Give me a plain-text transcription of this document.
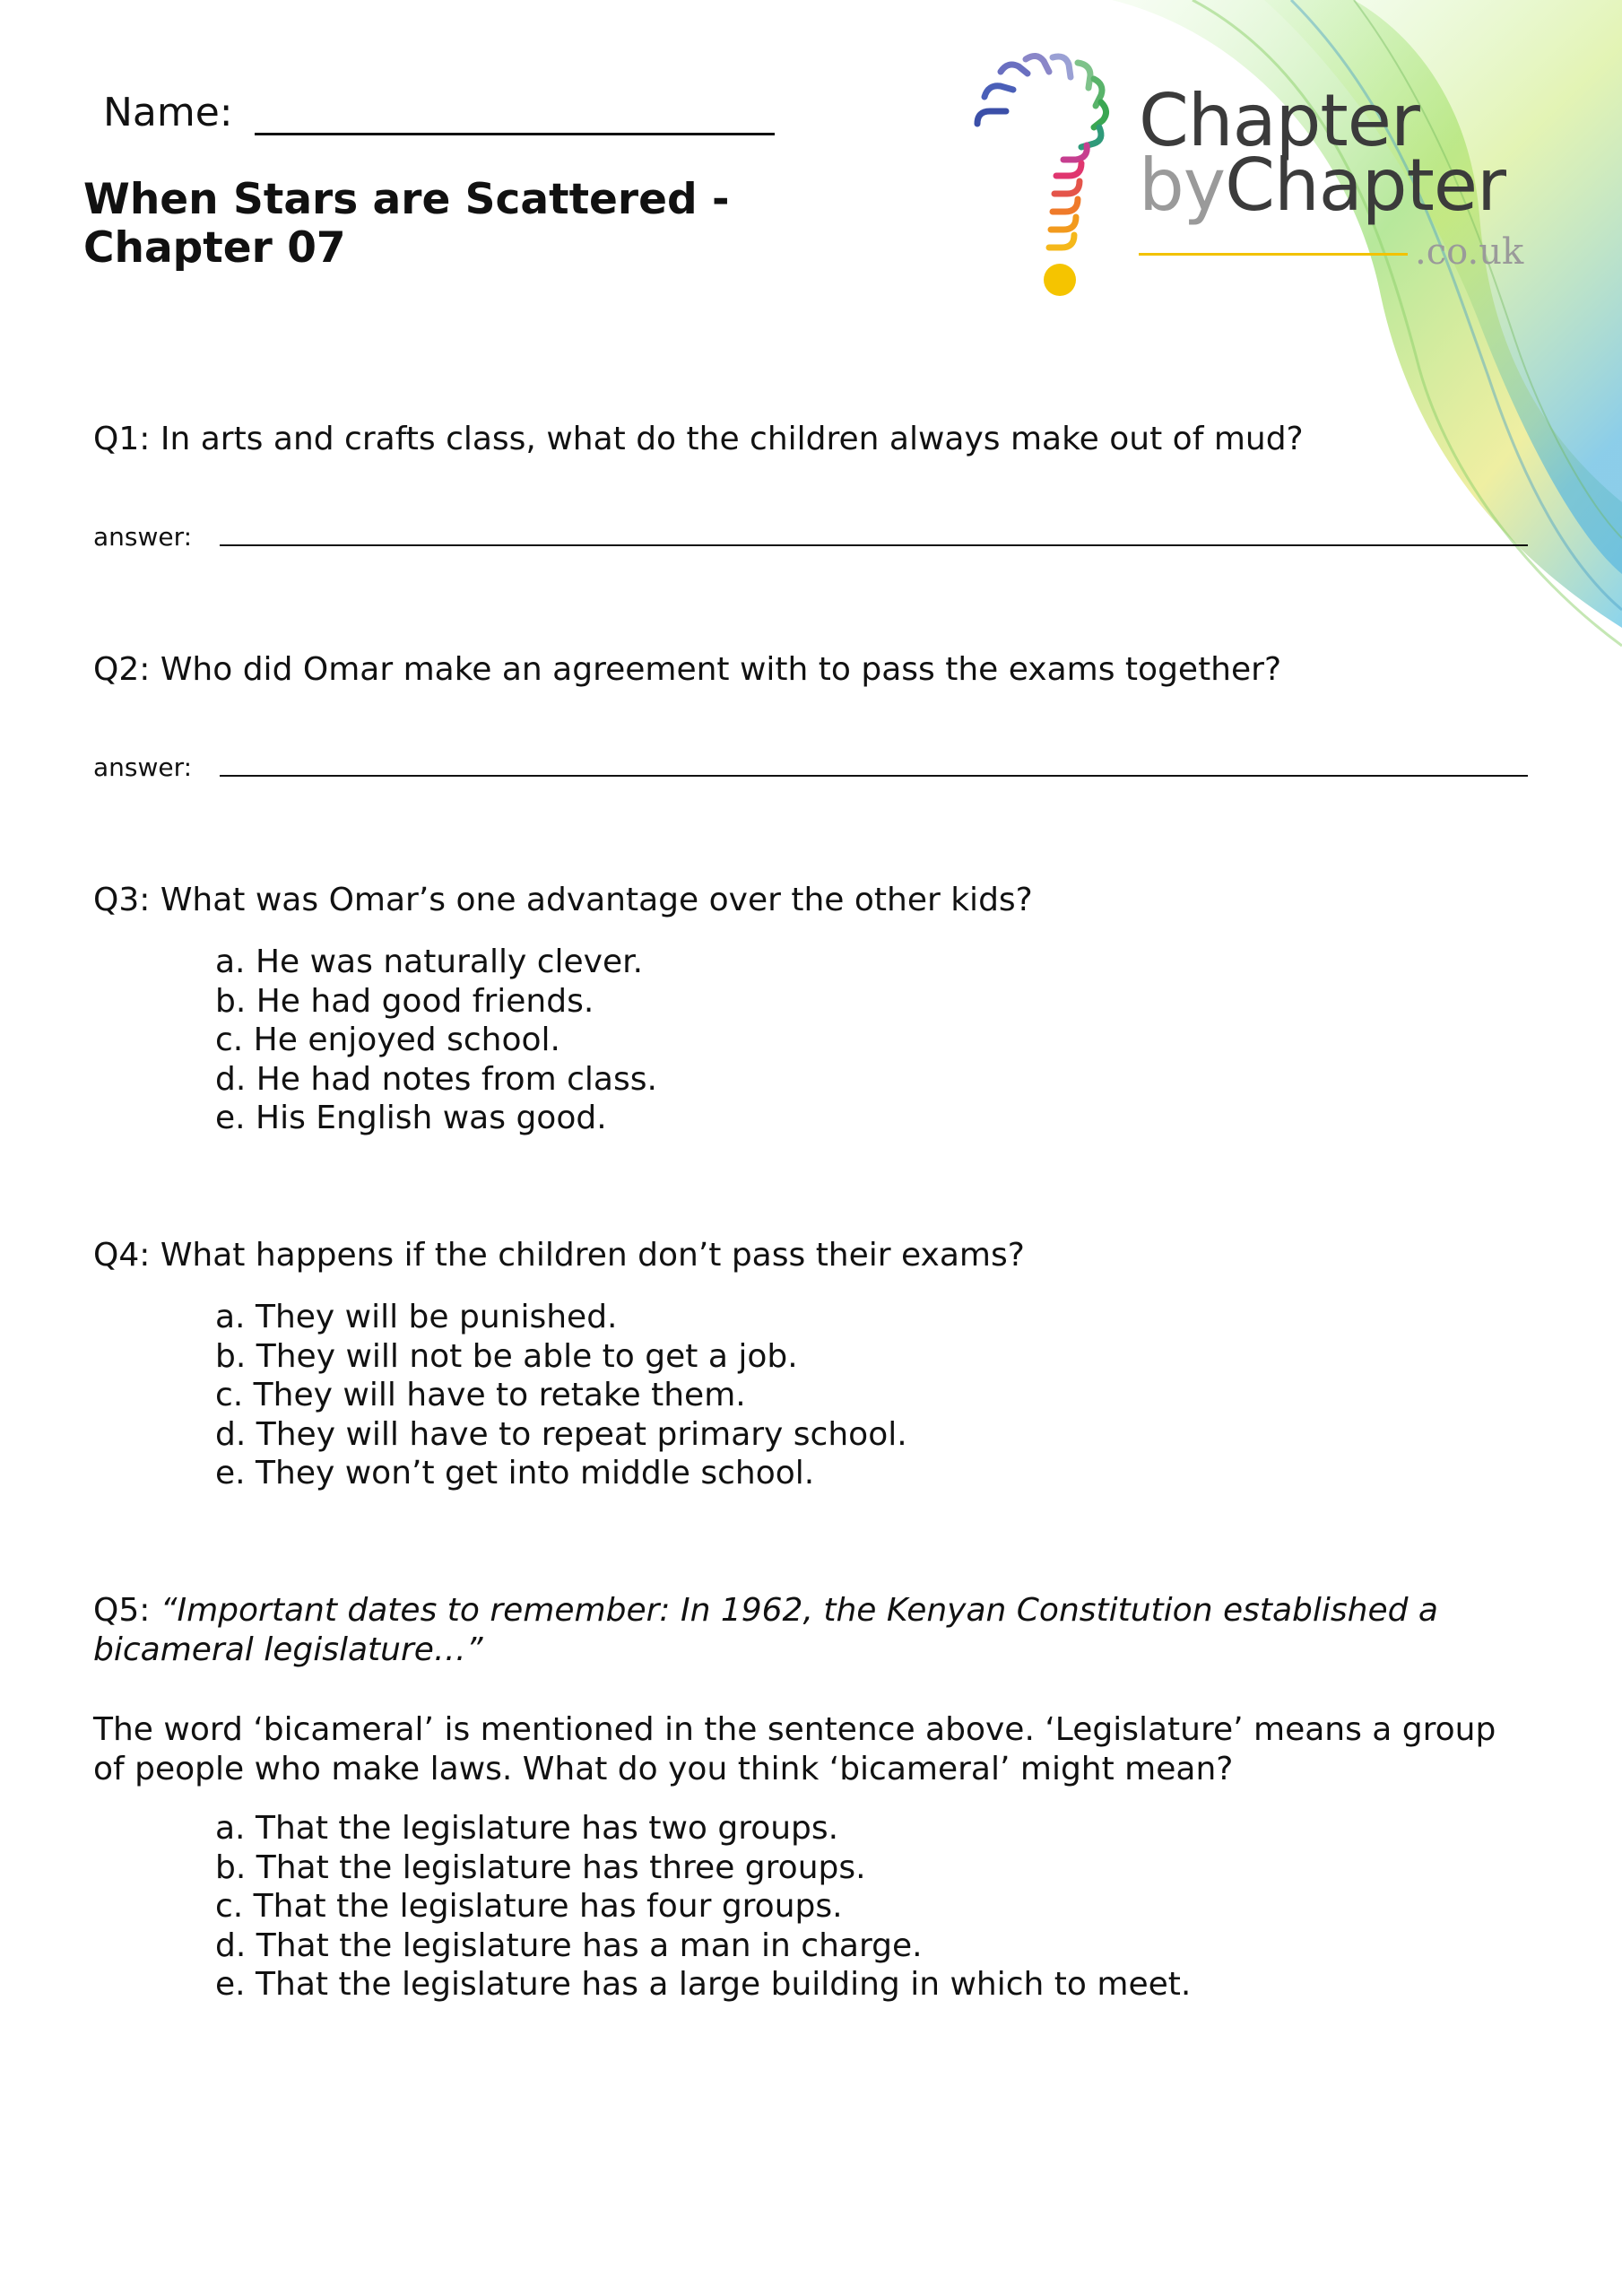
Chapter
byChapter
.co.uk
Name:
When Stars are Scattered - Chapter 07
Q1: In arts and crafts class, what do the children always make out of mud?
answer:
Q2: Who did Omar make an agreement with to pass the exams together?
answer:
Q3: What was Omar’s one advantage over the other kids?
a. He was naturally clever.
b. He had good friends.
c. He enjoyed school.
d. He had notes from class.
e. His English was good.
Q4: What happens if the children don’t pass their exams?
a. They will be punished.
b. They will not be able to get a job.
c. They will have to retake them.
d. They will have to repeat primary school.
e. They won’t get into middle school.
Q5: “Important dates to remember: In 1962, the Kenyan Constitution established a bicameral legislature…”
The word ‘bicameral’ is mentioned in the sentence above. ‘Legislature’ means a group of people who make laws. What do you think ‘bicameral’ might mean?
a. That the legislature has two groups.
b. That the legislature has three groups.
c. That the legislature has four groups.
d. That the legislature has a man in charge.
e. That the legislature has a large building in which to meet.
